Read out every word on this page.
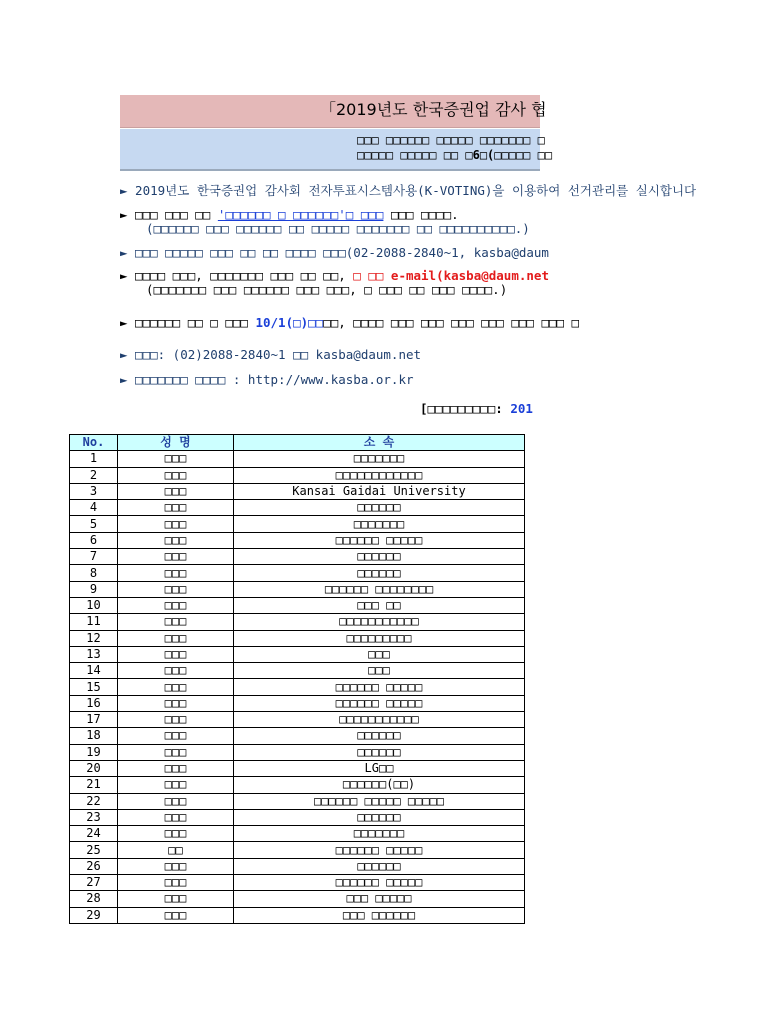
「2019년도 한국증권업 감사 협
□□□ □□□□□□ □□□□□ □□□□□□□ □
□□□□□ □□□□□ □□ □6□(□□□□□ □□
► 2019년도 한국증권업 감사회 전자투표시스템사용(K-VOTING)을 이용하여 선거관리를 실시합니다
► □□□ □□□ □□ '□□□□□□ □ □□□□□□'□ □□□ □□□ □□□□.
(□□□□□□ □□□ □□□□□□ □□ □□□□□ □□□□□□□ □□ □□□□□□□□□□.)
► □□□ □□□□□ □□□ □□ □□ □□□□ □□□(02-2088-2840~1, kasba@daum
► □□□□ □□□, □□□□□□□ □□□ □□ □□, □ □□ e-mail(kasba@daum.net
(□□□□□□□ □□□ □□□□□□ □□□ □□□, □ □□□ □□ □□□ □□□□.)
► □□□□□□ □□ □ □□□ 10/1(□)□□□□, □□□□ □□□ □□□ □□□ □□□ □□□ □□□ □
► □□□: (02)2088-2840~1 □□ kasba@daum.net
► □□□□□□□ □□□□ : http://www.kasba.or.kr
[□□□□□□□□□: 201
No.	성 명	소 속
1	□□□	□□□□□□□
2	□□□	□□□□□□□□□□□□
3	□□□	Kansai Gaidai University
4	□□□	□□□□□□
5	□□□	□□□□□□□
6	□□□	□□□□□□ □□□□□
7	□□□	□□□□□□
8	□□□	□□□□□□
9	□□□	□□□□□□ □□□□□□□□
10	□□□	□□□ □□
11	□□□	□□□□□□□□□□□
12	□□□	□□□□□□□□□
13	□□□	□□□
14	□□□	□□□
15	□□□	□□□□□□ □□□□□
16	□□□	□□□□□□ □□□□□
17	□□□	□□□□□□□□□□□
18	□□□	□□□□□□
19	□□□	□□□□□□
20	□□□	LG□□
21	□□□	□□□□□□(□□)
22	□□□	□□□□□□ □□□□□ □□□□□
23	□□□	□□□□□□
24	□□□	□□□□□□□
25	□□	□□□□□□ □□□□□
26	□□□	□□□□□□
27	□□□	□□□□□□ □□□□□
28	□□□	□□□ □□□□□
29	□□□	□□□ □□□□□□
